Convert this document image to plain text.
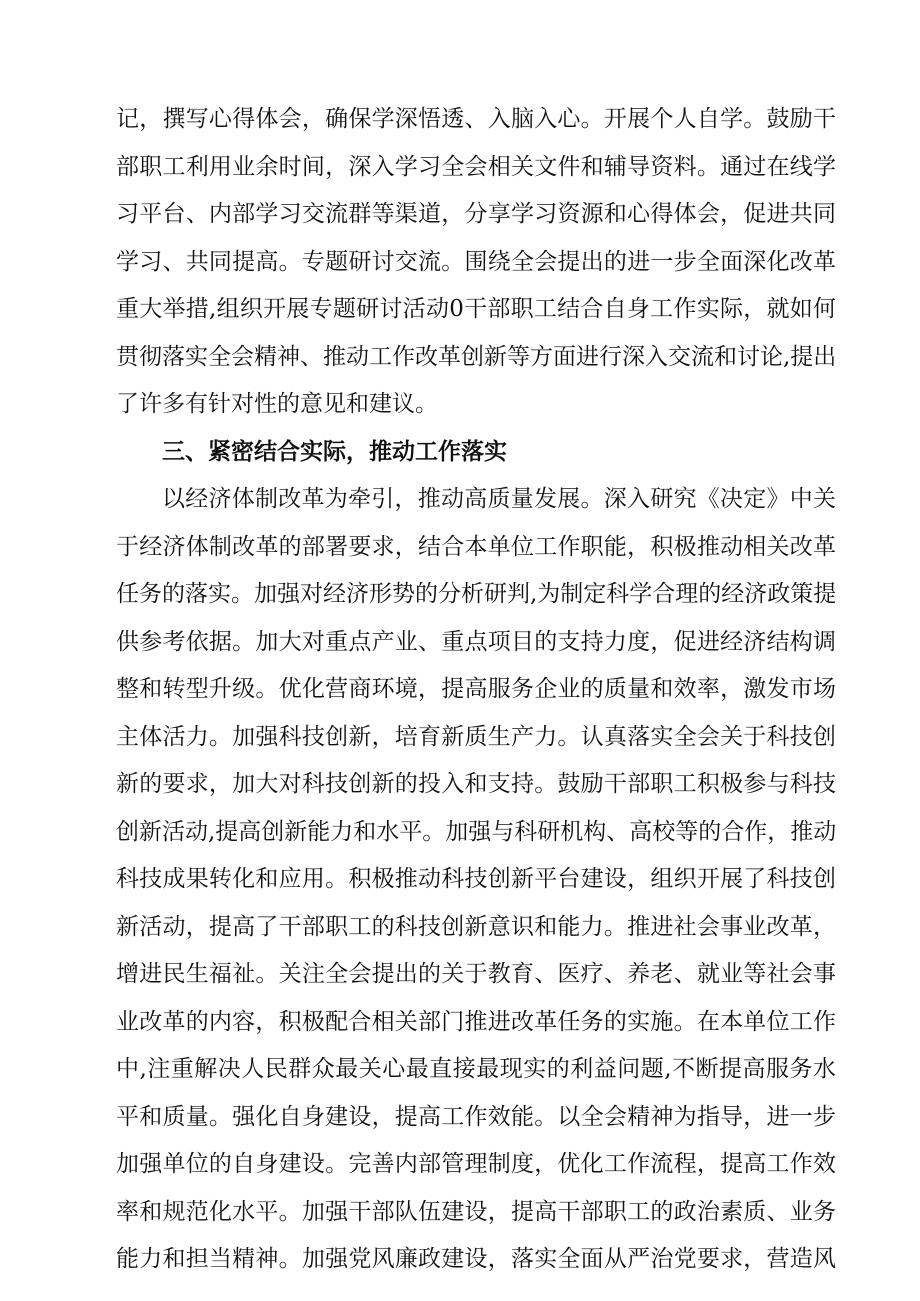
记，撰写心得体会，确保学深悟透、入脑入心。开展个人自学。鼓励干
部职工利用业余时间，深入学习全会相关文件和辅导资料。通过在线学
习平台、内部学习交流群等渠道，分享学习资源和心得体会，促进共同
学习、共同提高。专题研讨交流。围绕全会提出的进一步全面深化改革
重大举措,组织开展专题研讨活动0干部职工结合自身工作实际，就如何
贯彻落实全会精神、推动工作改革创新等方面进行深入交流和讨论,提出
了许多有针对性的意见和建议。
三、紧密结合实际，推动工作落实
以经济体制改革为牵引，推动高质量发展。深入研究《决定》中关
于经济体制改革的部署要求，结合本单位工作职能，积极推动相关改革
任务的落实。加强对经济形势的分析研判,为制定科学合理的经济政策提
供参考依据。加大对重点产业、重点项目的支持力度，促进经济结构调
整和转型升级。优化营商环境，提高服务企业的质量和效率，激发市场
主体活力。加强科技创新，培育新质生产力。认真落实全会关于科技创
新的要求，加大对科技创新的投入和支持。鼓励干部职工积极参与科技
创新活动,提高创新能力和水平。加强与科研机构、高校等的合作，推动
科技成果转化和应用。积极推动科技创新平台建设，组织开展了科技创
新活动，提高了干部职工的科技创新意识和能力。推进社会事业改革，
增进民生福祉。关注全会提出的关于教育、医疗、养老、就业等社会事
业改革的内容，积极配合相关部门推进改革任务的实施。在本单位工作
中,注重解决人民群众最关心最直接最现实的利益问题,不断提高服务水
平和质量。强化自身建设，提高工作效能。以全会精神为指导，进一步
加强单位的自身建设。完善内部管理制度，优化工作流程，提高工作效
率和规范化水平。加强干部队伍建设，提高干部职工的政治素质、业务
能力和担当精神。加强党风廉政建设，落实全面从严治党要求，营造风
